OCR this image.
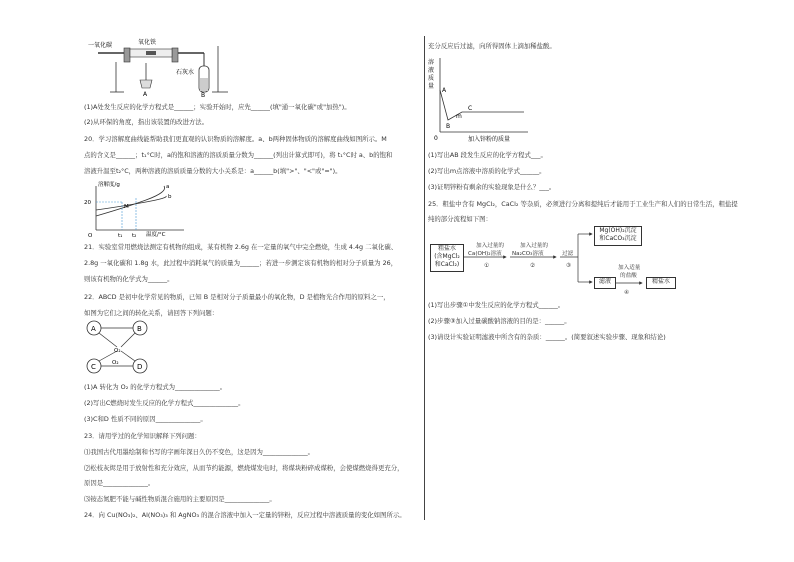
一氧化碳	氧化铁
石灰水
A	B
(1)A处发生反应的化学方程式是______；实验开始时，应先______(填"通一氧化碳"或"加热")。
(2)从环保的角度，指出该装置的改进方法。
20．学习溶解度曲线能帮助我们更直观的认识物质的溶解度。a、b两种固体物质的溶解度曲线如图所示。M
点的含义是______；t₁°C时，a的饱和溶液的溶质质量分数为______(列出计算式即可)，将 t₁°C时 a、b的饱和
溶液升温至t₂°C，两种溶液的溶质质量分数的大小关系是：a______b(填">"、"<"或"=")。
溶解度/g
20
O	t₁ t₂ 温度/°C
M
a
b
21．实验室常用燃烧法测定有机物的组成，某有机物 2.6g 在一定量的氧气中完全燃烧，生成 4.4g 二氧化碳、
2.8g 一氧化碳和 1.8g 水，此过程中消耗氧气的质量为______；若进一步测定该有机物的相对分子质量为 26，
则该有机物的化学式为______。
22．ABCD 是初中化学常见的物质，已知 B 是相对分子质量最小的氧化物，D 是植物光合作用的原料之一，
如图为它们之间的转化关系，请回答下列问题：
A	B
C	D
O₂
O₂
(1)A 转化为 O₂ 的化学方程式为______________。
(2)写出C燃烧时发生反应的化学方程式______________。
(3)C和D 性质不同的原因______________。
23．请用学过的化学知识解释下列问题：
⑴我国古代用墨绘制和书写的字画年深日久仍不变色，这是因为______________。
⑵松枝灰烬是用于放射性和充分效应，从而节约能源，燃烧煤发电时，将煤块粉碎成煤粉，会使煤燃烧得更充分，
原因是______________。
⑶铵态氮肥不能与碱性物质混合施用的主要原因是______________。
24．向 Cu(NO₃)₂、Al(NO₃)₃ 和 AgNO₃ 的混合溶液中加入一定量的锌粉，反应过程中溶液质量的变化如图所示。
充分反应后过滤，向所得固体上滴加稀盐酸。
溶
液
质
量
A
B
m
C
0	加入锌粉的质量
(1)写出AB 段发生反应的化学方程式___。
(2)写出m点溶液中溶质的化学式______。
(3)证明锌粉有剩余的实验现象是什么？___。
25．粗盐中含有 MgCl₂，CaCl₂ 等杂质，必须进行分离和提纯后才能用于工业生产和人们的日常生活，粗盐提
纯的部分流程如下图：
粗盐水
(含MgCl₂
和CaCl₂)
加入过量的
Ca(OH)₂溶液
①
加入过量的
Na₂CO₃溶液
②
过滤
③
Mg(OH)₂沉淀
和CaCO₃沉淀
滤液
加入适量
的盐酸
④
精盐水
(1)写出步骤①中发生反应的化学方程式______。
(2)步骤③加入过量碳酸钠溶液的目的是：______。
(3)请设计实验证明滤液中所含有的杂质：______。(简要叙述实验步骤、现象和结论)
